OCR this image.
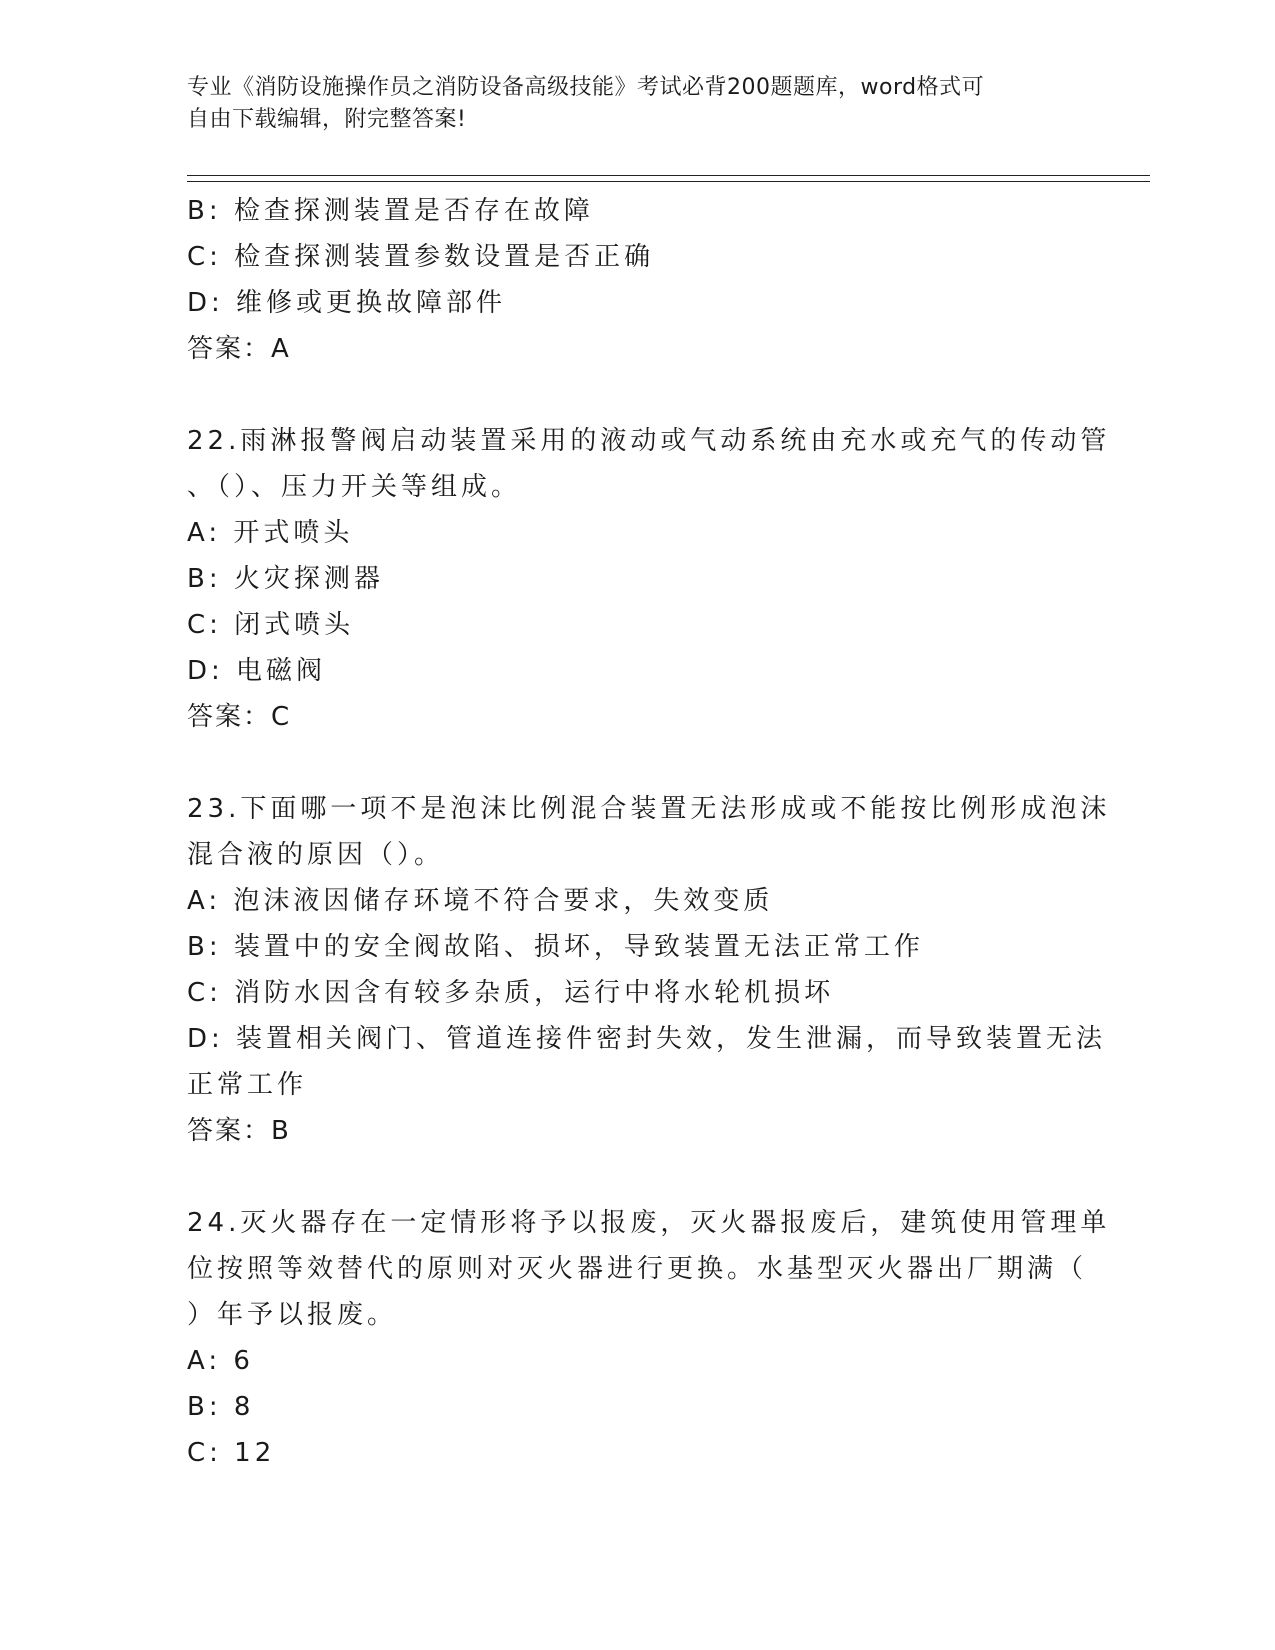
专业《消防设施操作员之消防设备高级技能》考试必背200题题库，word格式可
自由下载编辑，附完整答案!
B: 检查探测装置是否存在故障
C: 检查探测装置参数设置是否正确
D: 维修或更换故障部件
答案：A
22.雨淋报警阀启动装置采用的液动或气动系统由充水或充气的传动管
、（）、压力开关等组成。
A: 开式喷头
B: 火灾探测器
C: 闭式喷头
D: 电磁阀
答案：C
23.下面哪一项不是泡沫比例混合装置无法形成或不能按比例形成泡沫
混合液的原因（）。
A: 泡沫液因储存环境不符合要求，失效变质
B: 装置中的安全阀故陷、损坏，导致装置无法正常工作
C: 消防水因含有较多杂质，运行中将水轮机损坏
D: 装置相关阀门、管道连接件密封失效，发生泄漏，而导致装置无法
正常工作
答案：B
24.灭火器存在一定情形将予以报废，灭火器报废后，建筑使用管理单
位按照等效替代的原则对灭火器进行更换。水基型灭火器出厂期满（
）年予以报废。
A: 6
B: 8
C: 12
